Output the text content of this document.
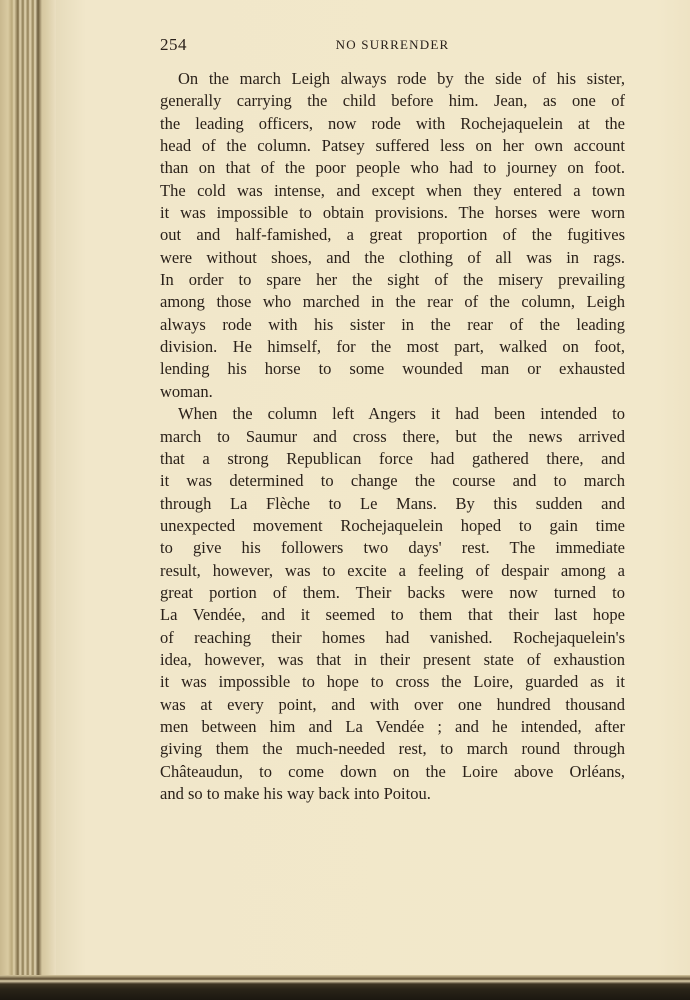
254	NO SURRENDER
On the march Leigh always rode by the side of his sister,
generally carrying the child before him. Jean, as one of
the leading officers, now rode with Rochejaquelein at the
head of the column. Patsey suffered less on her own account
than on that of the poor people who had to journey on foot.
The cold was intense, and except when they entered a town
it was impossible to obtain provisions. The horses were worn
out and half-famished, a great proportion of the fugitives
were without shoes, and the clothing of all was in rags.
In order to spare her the sight of the misery prevailing
among those who marched in the rear of the column, Leigh
always rode with his sister in the rear of the leading
division. He himself, for the most part, walked on foot,
lending his horse to some wounded man or exhausted
woman.
When the column left Angers it had been intended to
march to Saumur and cross there, but the news arrived
that a strong Republican force had gathered there, and
it was determined to change the course and to march
through La Flèche to Le Mans. By this sudden and
unexpected movement Rochejaquelein hoped to gain time
to give his followers two days' rest. The immediate
result, however, was to excite a feeling of despair among a
great portion of them. Their backs were now turned to
La Vendée, and it seemed to them that their last hope
of reaching their homes had vanished. Rochejaquelein's
idea, however, was that in their present state of exhaustion
it was impossible to hope to cross the Loire, guarded as it
was at every point, and with over one hundred thousand
men between him and La Vendée ; and he intended, after
giving them the much-needed rest, to march round through
Châteaudun, to come down on the Loire above Orléans,
and so to make his way back into Poitou.
